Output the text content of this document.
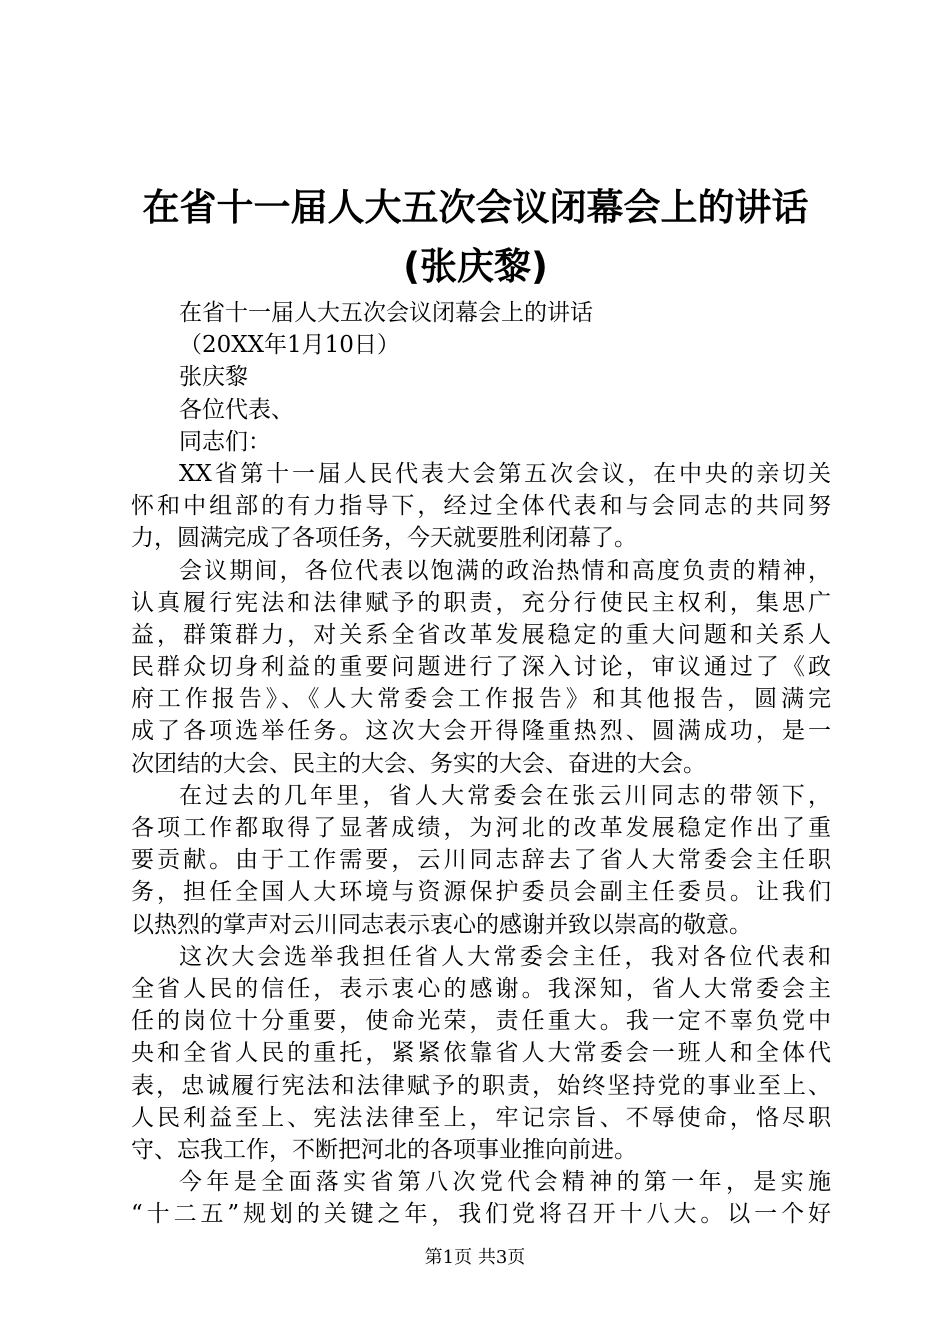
在省十一届人大五次会议闭幕会上的讲话(张庆黎)
在省十一届人大五次会议闭幕会上的讲话
（20XX年1月10日）
张庆黎
各位代表、
同志们：
XX省第十一届人民代表大会第五次会议，在中央的亲切关
怀和中组部的有力指导下，经过全体代表和与会同志的共同努
力，圆满完成了各项任务，今天就要胜利闭幕了。
会议期间，各位代表以饱满的政治热情和高度负责的精神，
认真履行宪法和法律赋予的职责，充分行使民主权利，集思广
益，群策群力，对关系全省改革发展稳定的重大问题和关系人
民群众切身利益的重要问题进行了深入讨论，审议通过了《政
府工作报告》、《人大常委会工作报告》和其他报告，圆满完
成了各项选举任务。这次大会开得隆重热烈、圆满成功，是一
次团结的大会、民主的大会、务实的大会、奋进的大会。
在过去的几年里，省人大常委会在张云川同志的带领下，
各项工作都取得了显著成绩，为河北的改革发展稳定作出了重
要贡献。由于工作需要，云川同志辞去了省人大常委会主任职
务，担任全国人大环境与资源保护委员会副主任委员。让我们
以热烈的掌声对云川同志表示衷心的感谢并致以崇高的敬意。
这次大会选举我担任省人大常委会主任，我对各位代表和
全省人民的信任，表示衷心的感谢。我深知，省人大常委会主
任的岗位十分重要，使命光荣，责任重大。我一定不辜负党中
央和全省人民的重托，紧紧依靠省人大常委会一班人和全体代
表，忠诚履行宪法和法律赋予的职责，始终坚持党的事业至上、
人民利益至上、宪法法律至上，牢记宗旨、不辱使命，恪尽职
守、忘我工作，不断把河北的各项事业推向前进。
今年是全面落实省第八次党代会精神的第一年，是实施
“十二五”规划的关键之年，我们党将召开十八大。以一个好
第1页 共3页
